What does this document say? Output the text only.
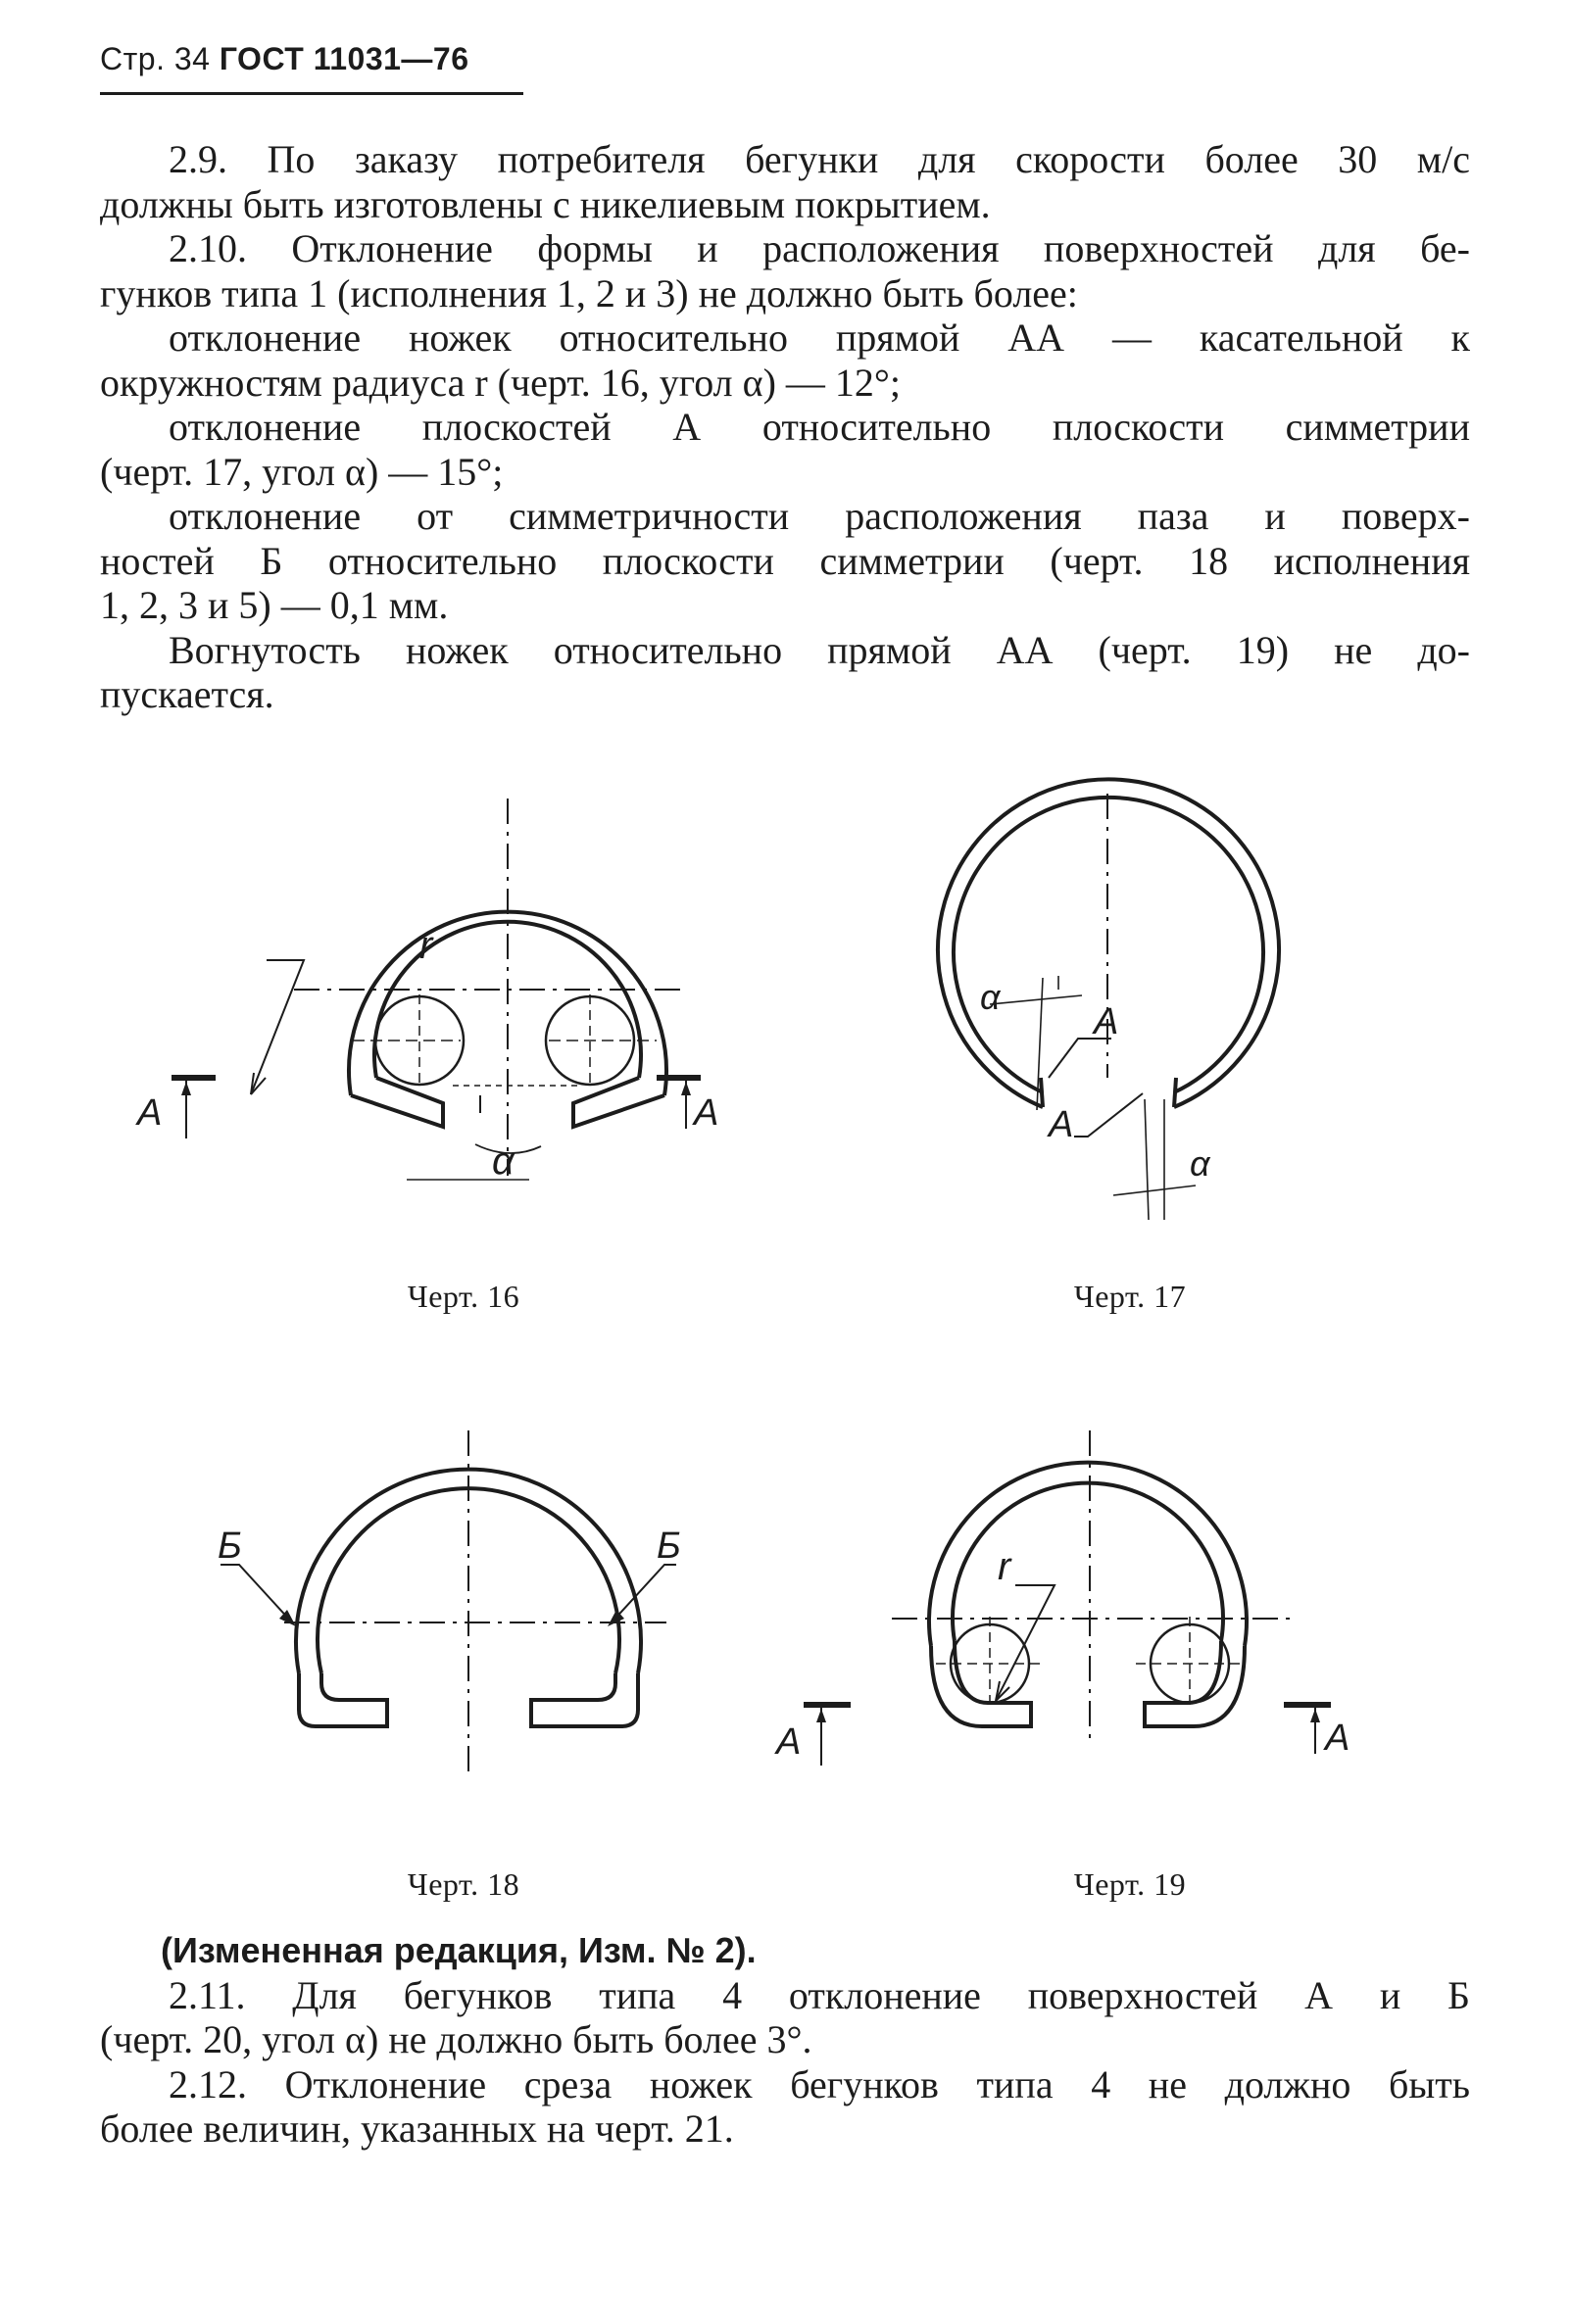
Стр. 34 ГОСТ 11031—76

2.9. По заказу потребителя бегунки для скорости более 30 м/с

должны быть изготовлены с никелиевым покрытием.

2.10. Отклонение формы и расположения поверхностей для бе-

гунков типа 1 (исполнения 1, 2 и 3) не должно быть более:

отклонение ножек относительно прямой АА — касательной к

окружностям радиуса r (черт. 16, угол α) — 12°;

отклонение плоскостей А относительно плоскости симметрии

(черт. 17, угол α) — 15°;

отклонение от симметричности расположения паза и поверх-

ностей Б относительно плоскости симметрии (черт. 18 исполнения

1, 2, 3 и 5) — 0,1 мм.

Вогнутость ножек относительно прямой АА (черт. 19) не до-

пускается.

r
α
А	А
Черт. 16
α
α
А
А
Черт. 17
Б	Б
Черт. 18
r
А	А
Черт. 19

(Измененная редакция, Изм. № 2).

2.11. Для бегунков типа 4 отклонение поверхностей А и Б

(черт. 20, угол α) не должно быть более 3°.

2.12. Отклонение среза ножек бегунков типа 4 не должно быть

более величин, указанных на черт. 21.
